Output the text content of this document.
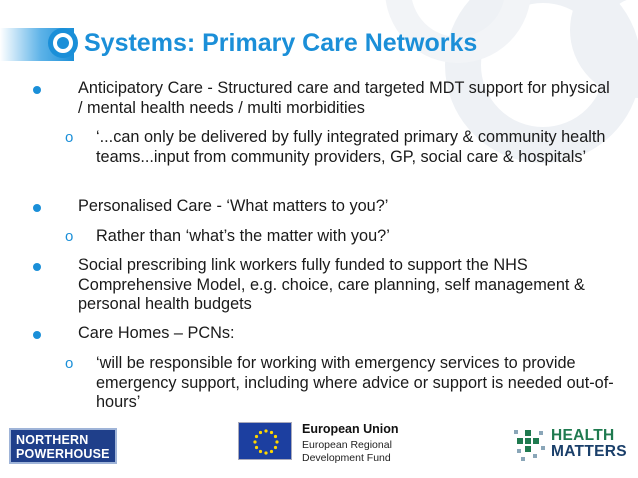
Systems: Primary Care Networks
Anticipatory Care - Structured care and targeted MDT support for physical / mental health needs / multi morbidities
o ‘...can only be delivered by fully integrated primary & community health teams...input from community providers, GP, social care & hospitals’
Personalised Care - ‘What matters to you?’
o Rather than ‘what’s the matter with you?’
Social prescribing link workers fully funded to support the NHS Comprehensive Model, e.g. choice, care planning, self management & personal health budgets
Care Homes – PCNs:
o ‘will be responsible for working with emergency services to provide emergency support, including where advice or support is needed out-of-hours’
NORTHERN
POWERHOUSE
European Union
European Regional
Development Fund
HEALTH
MATTERS
